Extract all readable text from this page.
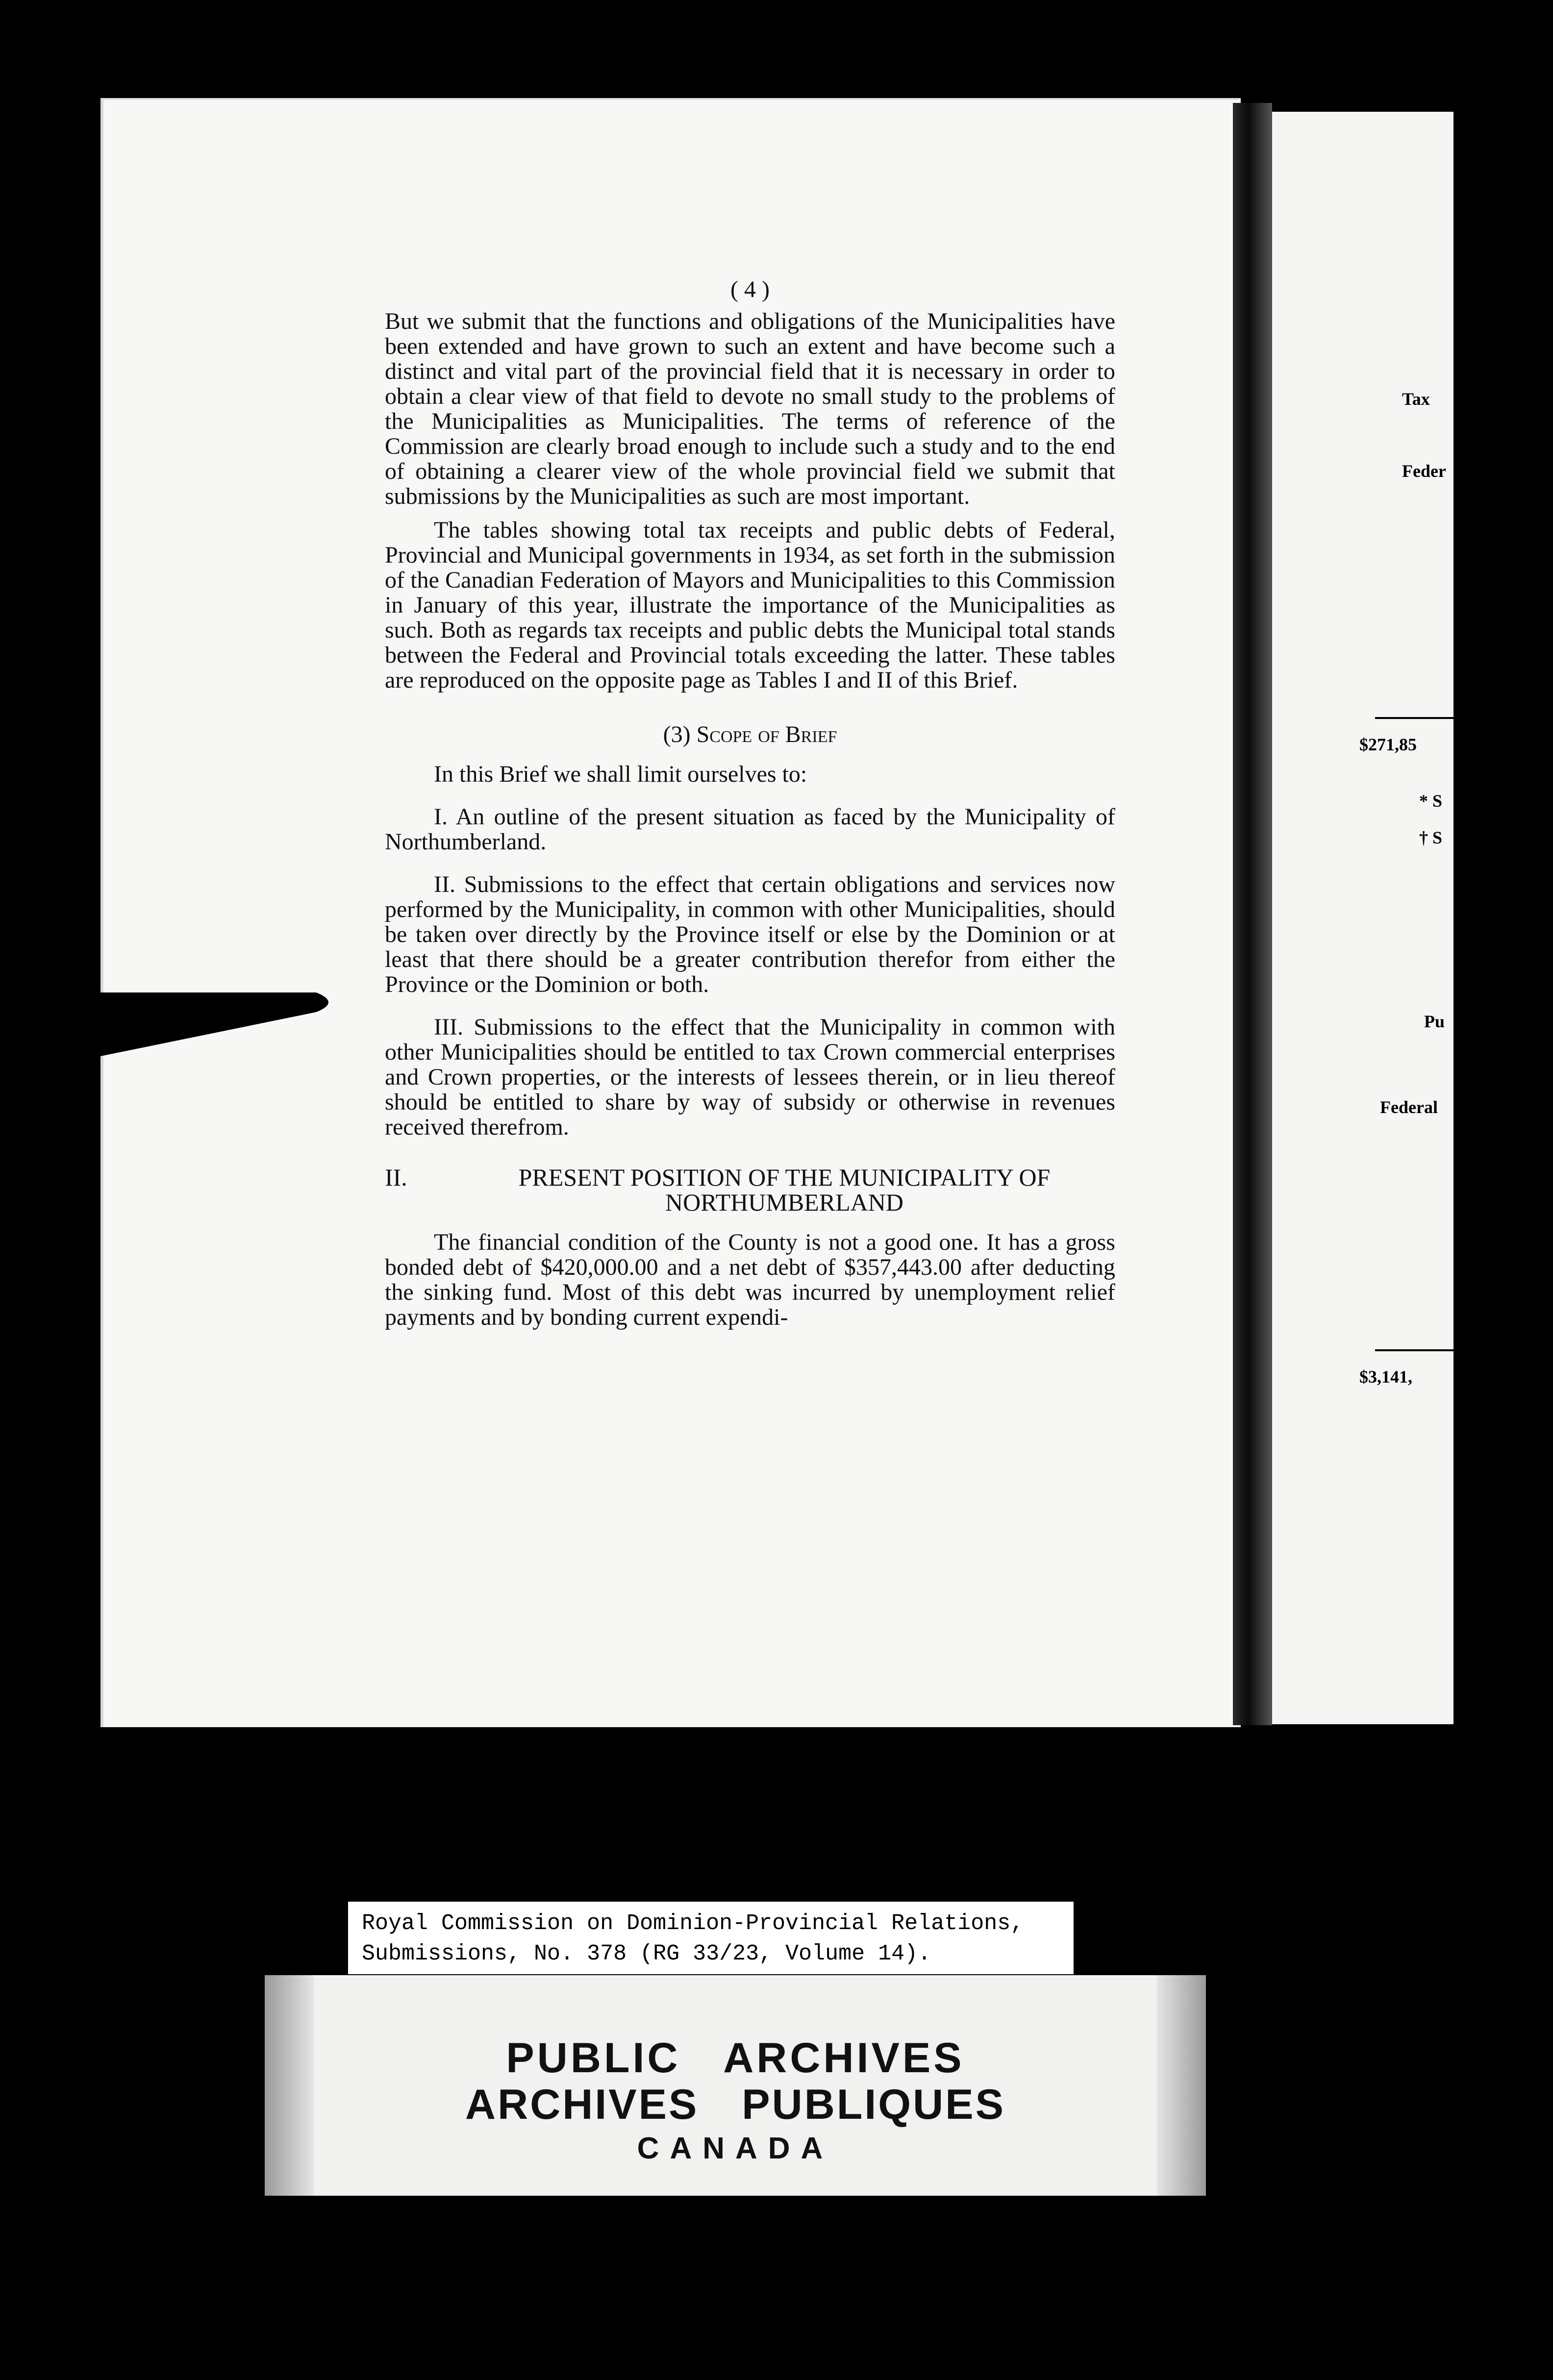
Tax
Feder
$271,85
* S
† S
Pu
Federal
$3,141,
( 4 )

But we submit that the functions and obligations of the Municipalities have been extended and have grown to such an extent and have become such a distinct and vital part of the provincial field that it is necessary in order to obtain a clear view of that field to devote no small study to the problems of the Municipalities as Municipalities. The terms of reference of the Commission are clearly broad enough to include such a study and to the end of obtaining a clearer view of the whole provincial field we submit that submissions by the Municipalities as such are most important.

The tables showing total tax receipts and public debts of Federal, Provincial and Municipal governments in 1934, as set forth in the submission of the Canadian Federation of Mayors and Municipalities to this Commission in January of this year, illustrate the importance of the Municipalities as such. Both as regards tax receipts and public debts the Municipal total stands between the Federal and Provincial totals exceeding the latter. These tables are reproduced on the opposite page as Tables I and II of this Brief.

(3) Scope of Brief

In this Brief we shall limit ourselves to:

I. An outline of the present situation as faced by the Municipality of Northumberland.

II. Submissions to the effect that certain obligations and services now performed by the Municipality, in common with other Municipalities, should be taken over directly by the Province itself or else by the Dominion or at least that there should be a greater contribution therefor from either the Province or the Dominion or both.

III. Submissions to the effect that the Municipality in common with other Municipalities should be entitled to tax Crown commercial enterprises and Crown properties, or the interests of lessees therein, or in lieu thereof should be entitled to share by way of subsidy or otherwise in revenues received therefrom.

II.	PRESENT POSITION OF THE MUNICIPALITY OF NORTHUMBERLAND

The financial condition of the County is not a good one. It has a gross bonded debt of $420,000.00 and a net debt of $357,443.00 after deducting the sinking fund. Most of this debt was incurred by unemployment relief payments and by bonding current expendi-

Royal Commission on Dominion-Provincial Relations,
Submissions, No. 378 (RG 33/23, Volume 14).
PUBLIC ARCHIVES
ARCHIVES PUBLIQUES
CANADA
